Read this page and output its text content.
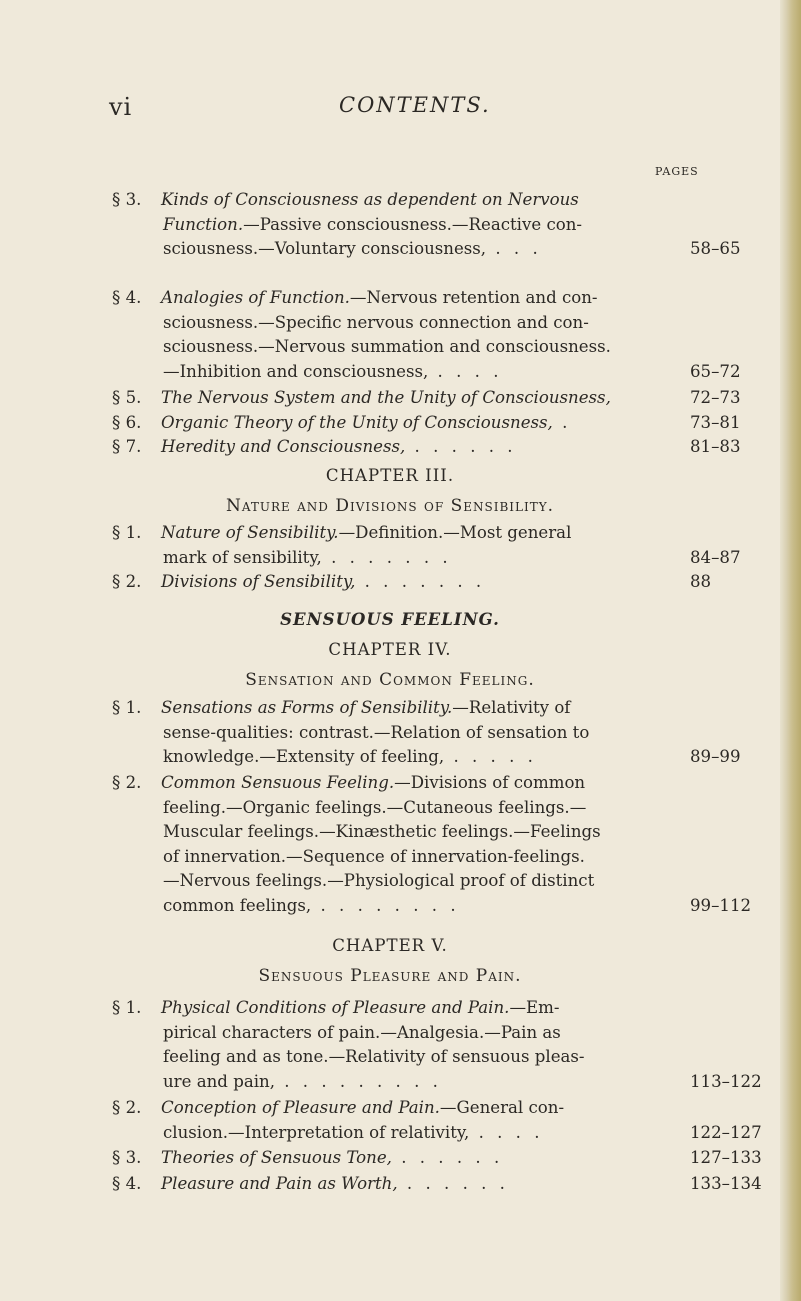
vi	CONTENTS.
PAGES
§ 3. Kinds of Consciousness as dependent on Nervous
Function.—Passive consciousness.—Reactive con-
sciousness.—Voluntary consciousness, . . .	58–65
§ 4. Analogies of Function.—Nervous retention and con-
sciousness.—Specific nervous connection and con-
sciousness.—Nervous summation and consciousness.
—Inhibition and consciousness, . . . .	65–72
§ 5. The Nervous System and the Unity of Consciousness,	72–73
§ 6. Organic Theory of the Unity of Consciousness, .	73–81
§ 7. Heredity and Consciousness, . . . . . .	81–83
CHAPTER III.
Nature and Divisions of Sensibility.
§ 1. Nature of Sensibility.—Definition.—Most general
mark of sensibility, . . . . . . .	84–87
§ 2. Divisions of Sensibility, . . . . . . .	88
SENSUOUS FEELING.
CHAPTER IV.
Sensation and Common Feeling.
§ 1. Sensations as Forms of Sensibility.—Relativity of
sense-qualities: contrast.—Relation of sensation to
knowledge.—Extensity of feeling, . . . . .	89–99
§ 2. Common Sensuous Feeling.—Divisions of common
feeling.—Organic feelings.—Cutaneous feelings.—
Muscular feelings.—Kinæsthetic feelings.—Feelings
of innervation.—Sequence of innervation-feelings.
—Nervous feelings.—Physiological proof of distinct
common feelings, . . . . . . . .	99–112
CHAPTER V.
Sensuous Pleasure and Pain.
§ 1. Physical Conditions of Pleasure and Pain.—Em-
pirical characters of pain.—Analgesia.—Pain as
feeling and as tone.—Relativity of sensuous pleas-
ure and pain, . . . . . . . . .	113–122
§ 2. Conception of Pleasure and Pain.—General con-
clusion.—Interpretation of relativity, . . . .	122–127
§ 3. Theories of Sensuous Tone, . . . . . .	127–133
§ 4. Pleasure and Pain as Worth, . . . . . .	133–134
